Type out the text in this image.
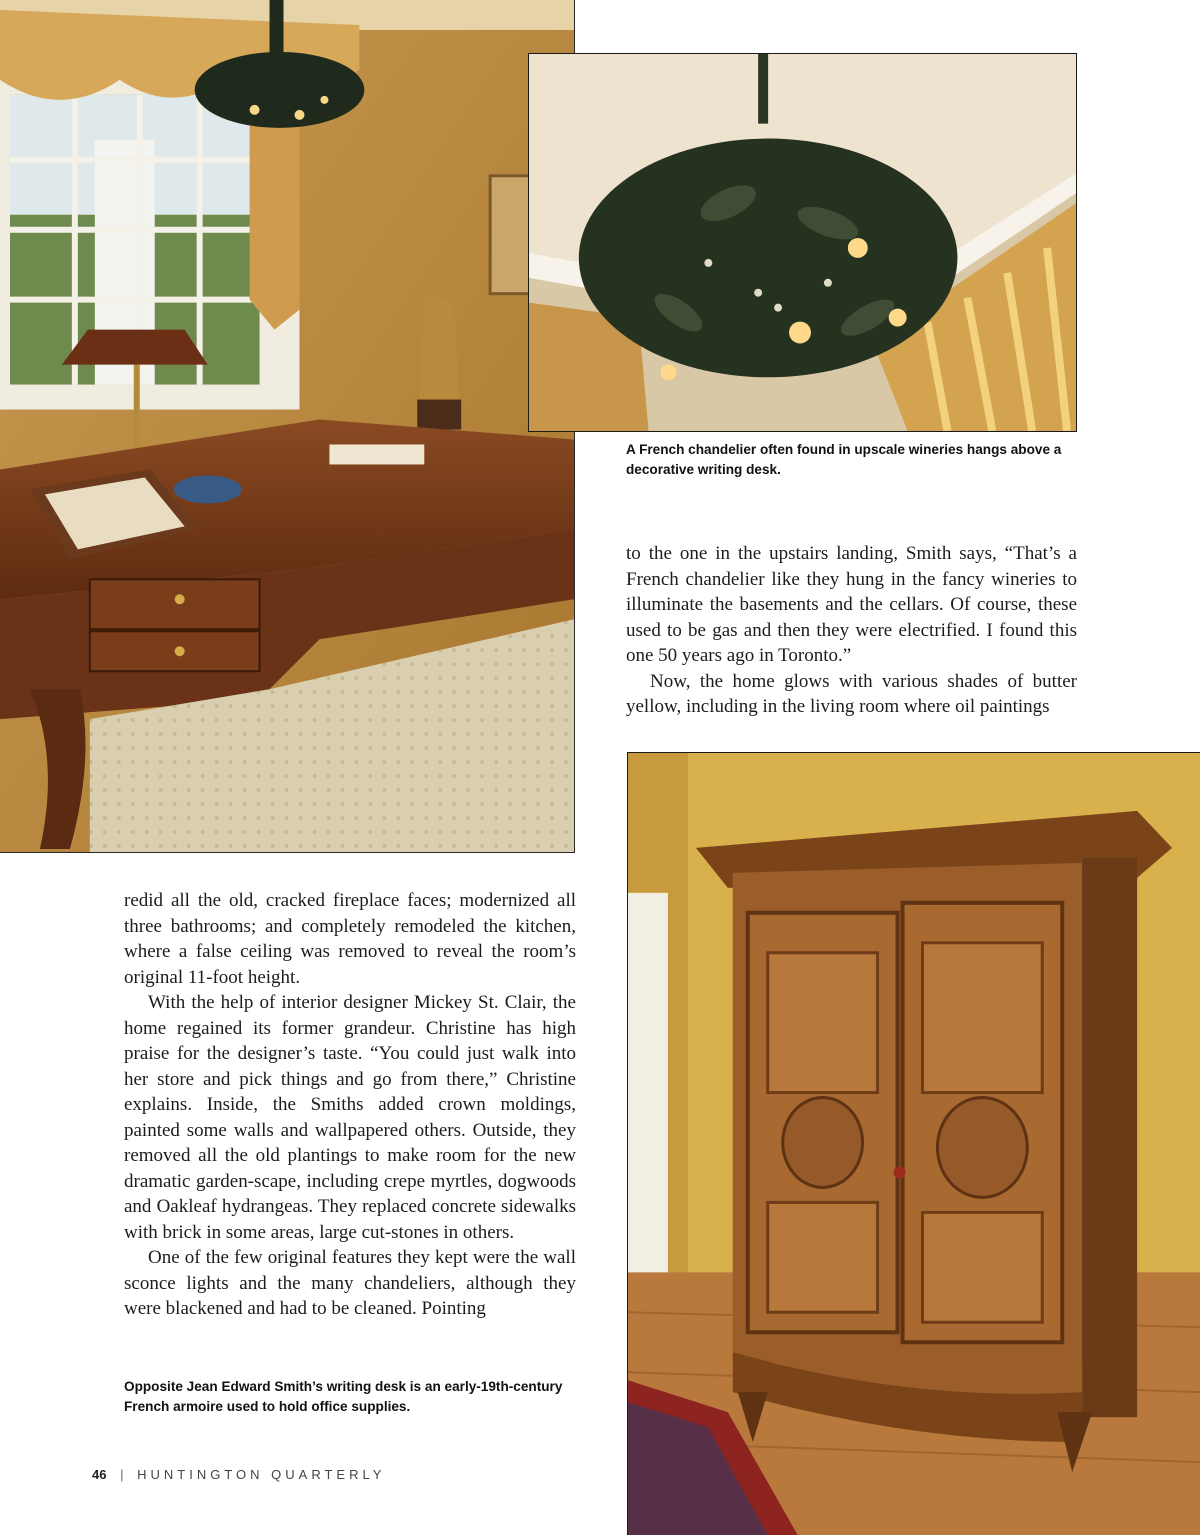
A French chandelier often found in upscale wineries hangs above a decorative writing desk.

to the one in the upstairs landing, Smith says, “That’s a French chandelier like they hung in the fancy wineries to illuminate the basements and the cellars. Of course, these used to be gas and then they were electrified. I found this one 50 years ago in Toronto.”

Now, the home glows with various shades of butter yellow, including in the living room where oil paintings

redid all the old, cracked fireplace faces; modernized all three bathrooms; and completely remodeled the kitchen, where a false ceiling was removed to reveal the room’s original 11-foot height.

With the help of interior designer Mickey St. Clair, the home regained its former grandeur. Christine has high praise for the designer’s taste. “You could just walk into her store and pick things and go from there,” Christine explains. Inside, the Smiths added crown moldings, painted some walls and wallpapered others. Outside, they removed all the old plantings to make room for the new dramatic garden-scape, including crepe myrtles, dogwoods and Oakleaf hydrangeas. They replaced concrete sidewalks with brick in some areas, large cut-stones in others.

One of the few original features they kept were the wall sconce lights and the many chandeliers, although they were blackened and had to be cleaned. Pointing

Opposite Jean Edward Smith’s writing desk is an early-19th-century French armoire used to hold office supplies.
46 | HUNTINGTON QUARTERLY
